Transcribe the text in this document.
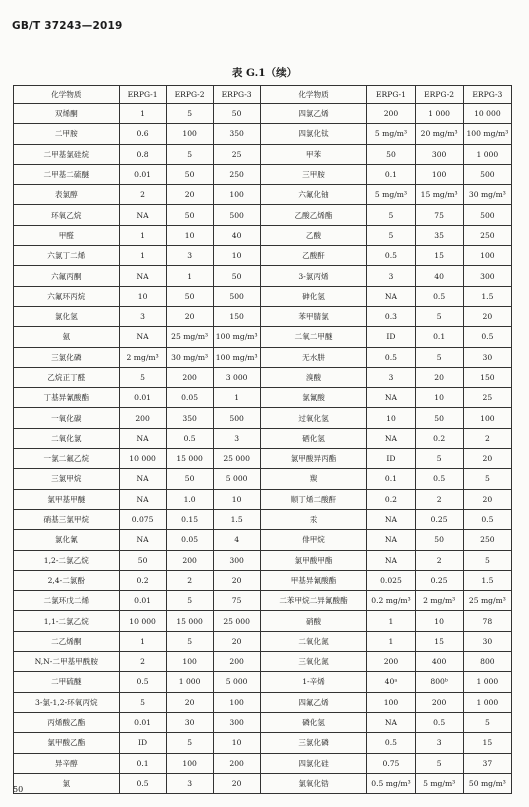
GB/T 37243—2019
表 G.1（续）
化学物质	ERPG-1	ERPG-2	ERPG-3	化学物质	ERPG-1	ERPG-2	ERPG-3
双烯酮	1	5	50	四氯乙烯	200	1 000	10 000
二甲胺	0.6	100	350	四氯化钛	5 mg/m³	20 mg/m³	100 mg/m³
二甲基氯硅烷	0.8	5	25	甲苯	50	300	1 000
二甲基二硫醚	0.01	50	250	三甲胺	0.1	100	500
表氯醇	2	20	100	六氟化铀	5 mg/m³	15 mg/m³	30 mg/m³
环氧乙烷	NA	50	500	乙酸乙烯酯	5	75	500
甲醛	1	10	40	乙酸	5	35	250
六氯丁二烯	1	3	10	乙酸酐	0.5	15	100
六氟丙酮	NA	1	50	3-氯丙烯	3	40	300
六氟环丙烷	10	50	500	砷化氢	NA	0.5	1.5
氯化氢	3	20	150	苯甲腈氯	0.3	5	20
氨	NA	25 mg/m³	100 mg/m³	二氧二甲醚	ID	0.1	0.5
三氯化磷	2 mg/m³	30 mg/m³	100 mg/m³	无水肼	0.5	5	30
乙烷正丁醛	5	200	3 000	溴酸	3	20	150
丁基异氰酸酯	0.01	0.05	1	氯氰酸	NA	10	25
一氧化碳	200	350	500	过氧化氢	10	50	100
二氧化氯	NA	0.5	3	硒化氢	NA	0.2	2
一氯二氟乙烷	10 000	15 000	25 000	氯甲酸异丙酯	ID	5	20
三氯甲烷	NA	50	5 000	羰	0.1	0.5	5
氯甲基甲醚	NA	1.0	10	顺丁烯二酸酐	0.2	2	20
硝基三氯甲烷	0.075	0.15	1.5	汞	NA	0.25	0.5
氯化氰	NA	0.05	4	俳甲烷	NA	50	250
1,2-二氯乙烷	50	200	300	氯甲酸甲酯	NA	2	5
2,4-二氯酚	0.2	2	20	甲基异氰酸酯	0.025	0.25	1.5
二氯环戊二烯	0.01	5	75	二苯甲烷二异氰酸酯	0.2 mg/m³	2 mg/m³	25 mg/m³
1,1-二氯乙烷	10 000	15 000	25 000	硝酸	1	10	78
二乙烯酮	1	5	20	二氧化氮	1	15	30
N,N-二甲基甲酰胺	2	100	200	三氧化氮	200	400	800
二甲硫醚	0.5	1 000	5 000	1-辛烯	40ᵃ	800ᵇ	1 000
3-氯-1,2-环氧丙烷	5	20	100	四氟乙烯	100	200	1 000
丙烯酸乙酯	0.01	30	300	磷化氢	NA	0.5	5
氯甲酸乙酯	ID	5	10	三氯化磷	0.5	3	15
异辛醇	0.1	100	200	四氯化硅	0.75	5	37
氯	0.5	3	20	氯氧化锆	0.5 mg/m³	5 mg/m³	50 mg/m³
50
